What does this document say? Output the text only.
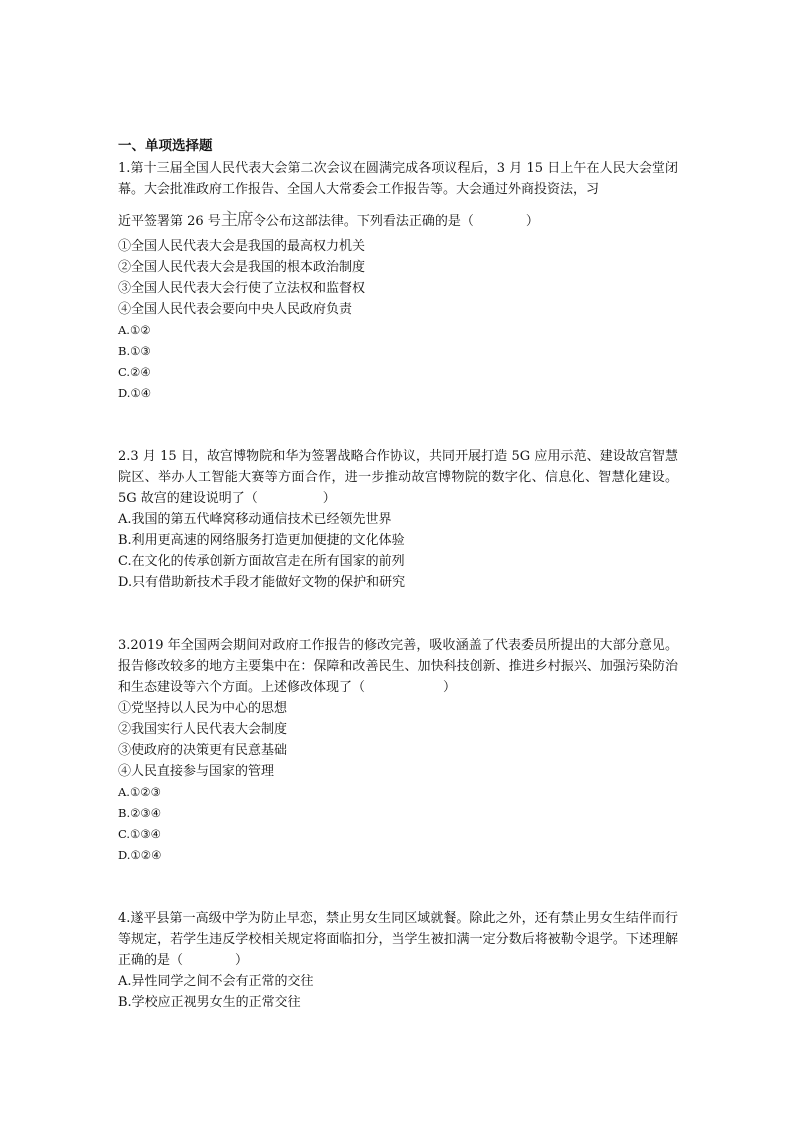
一、单项选择题

1.第十三届全国人民代表大会第二次会议在圆满完成各项议程后，3 月 15 日上午在人民大会堂闭幕。大会批准政府工作报告、全国人大常委会工作报告等。大会通过外商投资法，习
近平签署第 26 号主席令公布这部法律。下列看法正确的是（　　　　）

①全国人民代表大会是我国的最高权力机关

②全国人民代表大会是我国的根本政治制度

③全国人民代表大会行使了立法权和监督权

④全国人民代表会要向中央人民政府负责

A.①②

B.①③

C.②④

D.①④

2.3 月 15 日，故宫博物院和华为签署战略合作协议，共同开展打造 5G 应用示范、建设故宫智慧院区、举办人工智能大赛等方面合作，进一步推动故宫博物院的数字化、信息化、智慧化建设。5G 故宫的建设说明了（　　　　　）

A.我国的第五代峰窝移动通信技术已经领先世界

B.利用更高速的网络服务打造更加便捷的文化体验

C.在文化的传承创新方面故宫走在所有国家的前列

D.只有借助新技术手段才能做好文物的保护和研究

3.2019 年全国两会期间对政府工作报告的修改完善，吸收涵盖了代表委员所提出的大部分意见。报告修改较多的地方主要集中在：保障和改善民生、加快科技创新、推进乡村振兴、加强污染防治和生态建设等六个方面。上述修改体现了（　　　　　　）

①党坚持以人民为中心的思想

②我国实行人民代表大会制度

③使政府的决策更有民意基础

④人民直接参与国家的管理

A.①②③

B.②③④

C.①③④

D.①②④

4.遂平县第一高级中学为防止早恋，禁止男女生同区域就餐。除此之外，还有禁止男女生结伴而行等规定，若学生违反学校相关规定将面临扣分，当学生被扣满一定分数后将被勒令退学。下述理解正确的是（　　　　）

A.异性同学之间不会有正常的交往

B.学校应正视男女生的正常交往
